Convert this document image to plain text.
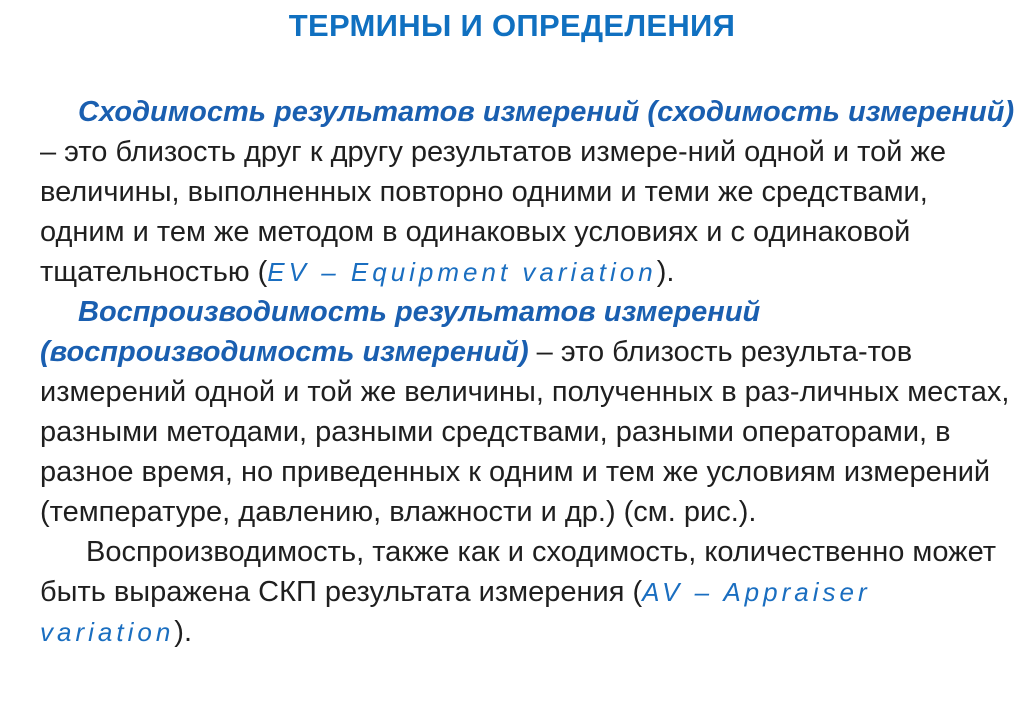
ТЕРМИНЫ И ОПРЕДЕЛЕНИЯ

Сходимость результатов измерений (сходимость измерений) – это близость друг к другу результатов измере-ний одной и той же величины, выполненных повторно одними и теми же средствами, одним и тем же методом в одинаковых условиях и с одинаковой тщательностью (EV – Equipment variation).

Воспроизводимость результатов измерений (воспроизводимость измерений) – это близость результа-тов измерений одной и той же величины, полученных в раз-личных местах, разными методами, разными средствами, разными операторами, в разное время, но приведенных к одним и тем же условиям измерений (температуре, давлению, влажности и др.) (см. рис.).

Воспроизводимость, также как и сходимость, количественно может быть выражена СКП результата измерения (AV – Appraiser variation).
